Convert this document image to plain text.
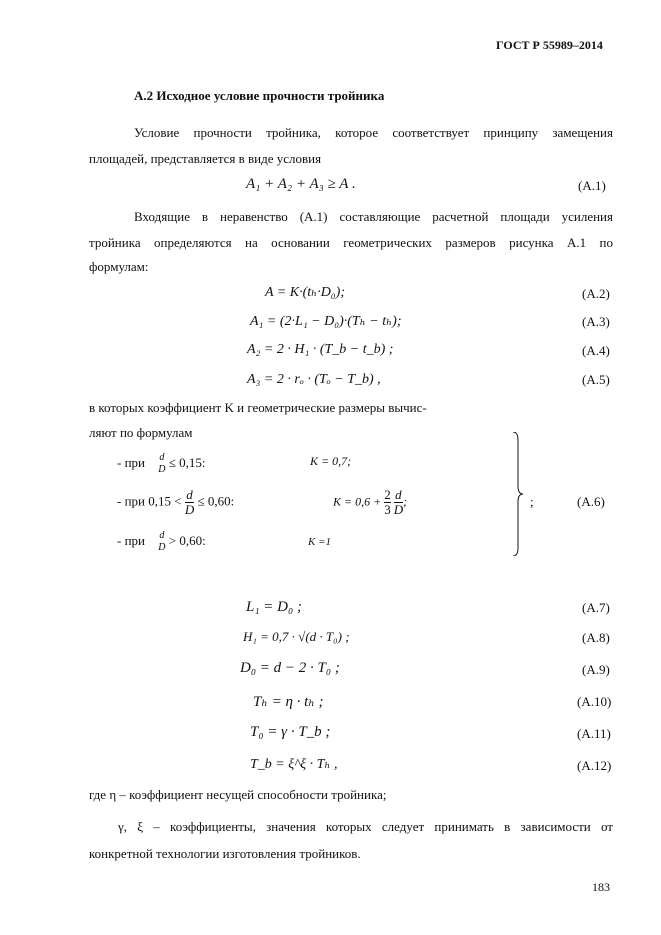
ГОСТ Р 55989–2014
А.2 Исходное условие прочности тройника
Условие прочности тройника, которое соответствует принципу замещения
площадей, представляется в виде условия
A₁ + A₂ + A₃ ≥ A .	(А.1)
Входящие в неравенство (А.1) составляющие расчетной площади усиления
тройника определяются на основании геометрических размеров рисунка А.1 по
формулам:
A = K·(tₕ·D₀);	(А.2)
A₁ = (2·L₁ − D₀)·(Tₕ − tₕ);	(А.3)
A₂ = 2 · H₁ · (T_b − t_b) ;	(А.4)
A₃ = 2 · rₒ · (Tₒ − T_b) ,	(А.5)
в которых коэффициент K и геометрические размеры вычис-
ляют по формулам
- при d
D ≤ 0,15:	K = 0,7;
- при $0,15 < \frac{d}{D} \le 0,60$:	$K = 0,6 + \frac{2}{3}$
$\frac{d}{D}$ ;
- при d
D > 0,60:	K =1
;	(А.6)
L₁ = D₀ ;	(А.7)
H₁ = 0,7 · √(d · T₀) ;	(А.8)
D₀ = d − 2 · T₀ ;	(А.9)
Tₕ = η · tₕ ;	(А.10)
T₀ = γ · T_b ;	(А.11)
T_b = ξ^ξ · Tₕ ,	(А.12)
где η – коэффициент несущей способности тройника;
γ, ξ – коэффициенты, значения которых следует принимать в зависимости от
конкретной технологии изготовления тройников.
183
